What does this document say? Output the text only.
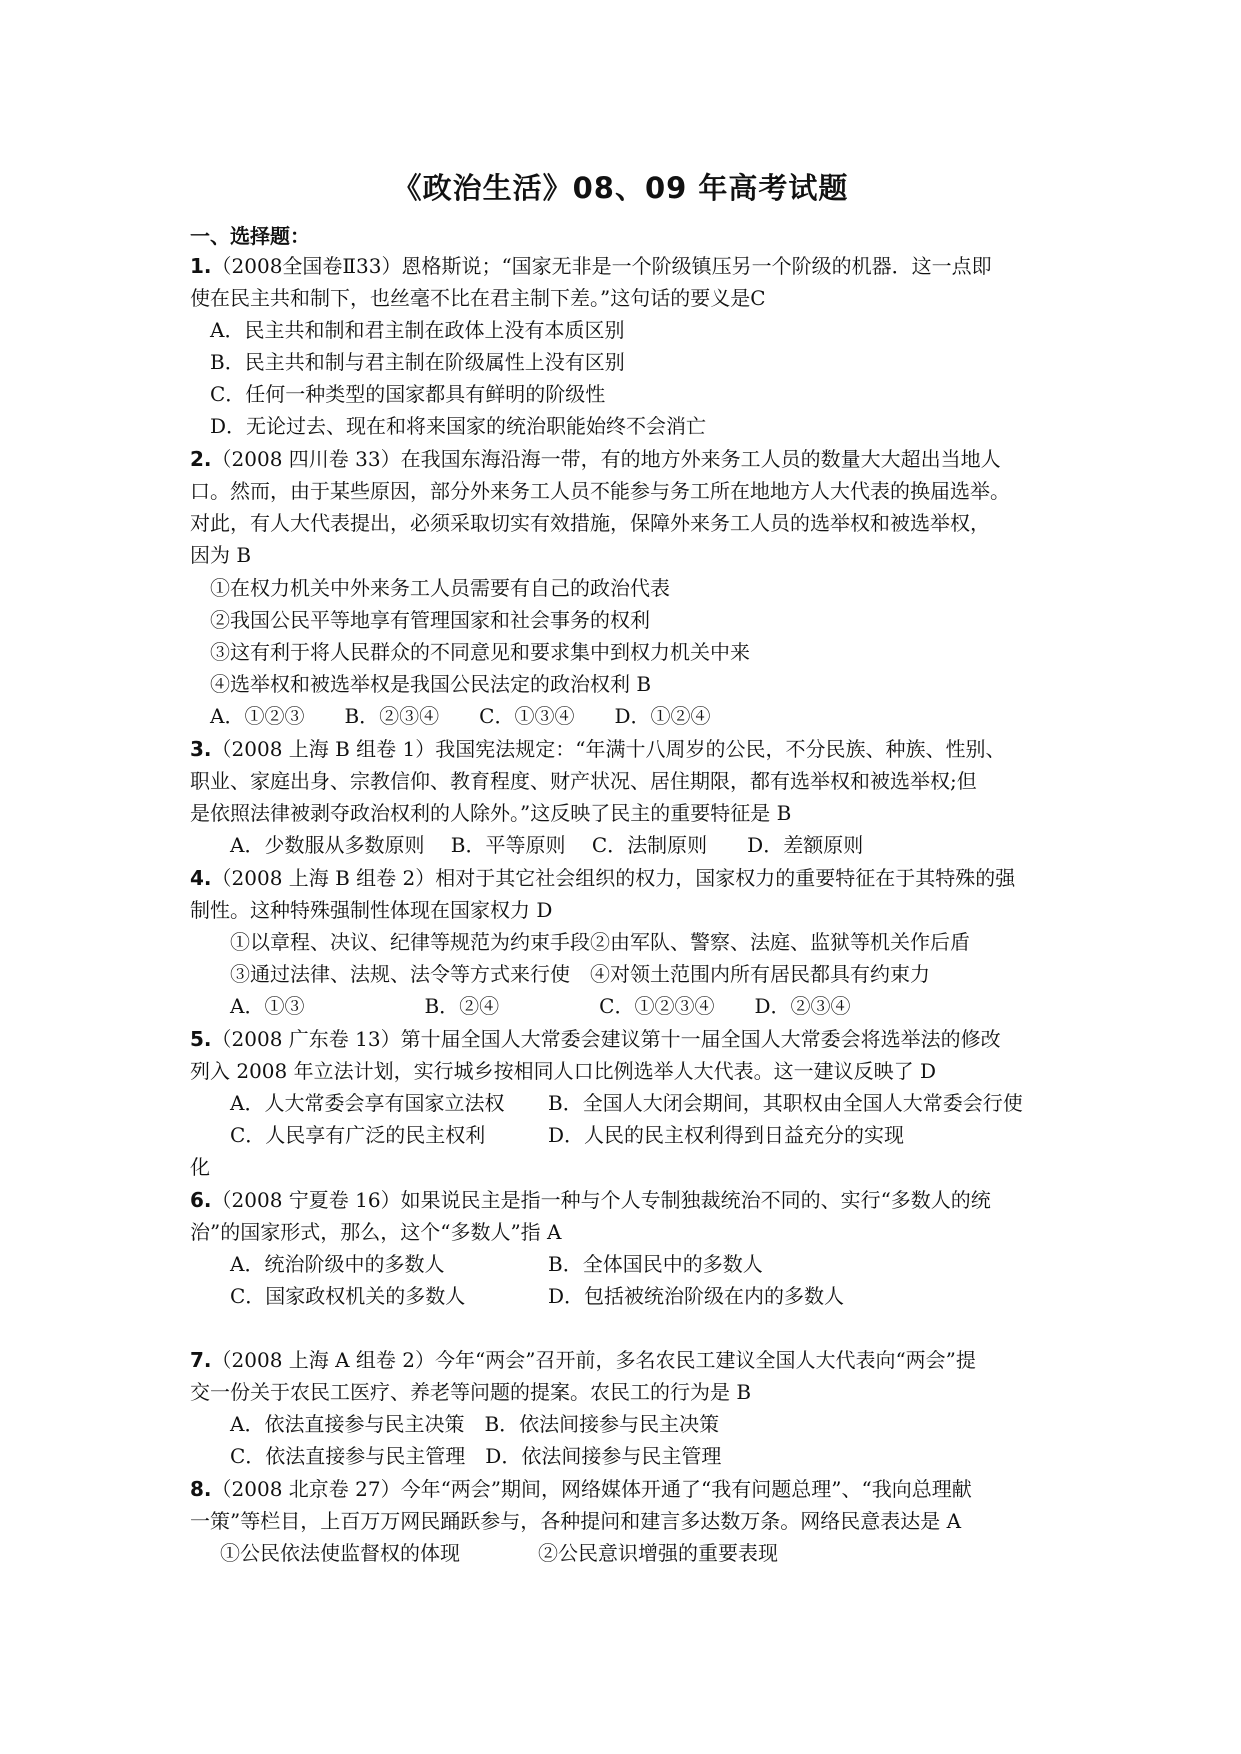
《政治生活》08、09 年高考试题
一、选择题：
1.（2008全国卷Ⅱ33）恩格斯说；“国家无非是一个阶级镇压另一个阶级的机器．这一点即
使在民主共和制下，也丝毫不比在君主制下差。”这句话的要义是C
A．民主共和制和君主制在政体上没有本质区别
B．民主共和制与君主制在阶级属性上没有区别
C．任何一种类型的国家都具有鲜明的阶级性
D．无论过去、现在和将来国家的统治职能始终不会消亡
2.（2008 四川卷 33）在我国东海沿海一带，有的地方外来务工人员的数量大大超出当地人
口。然而，由于某些原因，部分外来务工人员不能参与务工所在地地方人大代表的换届选举。
对此，有人大代表提出，必须采取切实有效措施，保障外来务工人员的选举权和被选举权，
因为 B
①在权力机关中外来务工人员需要有自己的政治代表
②我国公民平等地享有管理国家和社会事务的权利
③这有利于将人民群众的不同意见和要求集中到权力机关中来
④选举权和被选举权是我国公民法定的政治权利 B
A．①②③　　B．②③④　　C．①③④　　D．①②④
3.（2008 上海 B 组卷 1）我国宪法规定：“年满十八周岁的公民，不分民族、种族、性别、
职业、家庭出身、宗教信仰、教育程度、财产状况、居住期限，都有选举权和被选举权;但
是依照法律被剥夺政治权利的人除外。”这反映了民主的重要特征是 B
A．少数服从多数原则　 B．平等原则　 C．法制原则　　D．差额原则
4.（2008 上海 B 组卷 2）相对于其它社会组织的权力，国家权力的重要特征在于其特殊的强
制性。这种特殊强制性体现在国家权力 D
①以章程、决议、纪律等规范为约束手段②由军队、警察、法庭、监狱等机关作后盾
③通过法律、法规、法令等方式来行使　④对领土范围内所有居民都具有约束力
A．①③　　　　　　B．②④　　　　　C．①②③④　　D．②③④
5.（2008 广东卷 13）第十届全国人大常委会建议第十一届全国人大常委会将选举法的修改
列入 2008 年立法计划，实行城乡按相同人口比例选举人大代表。这一建议反映了 D
A．人大常委会享有国家立法权 B．全国人大闭会期间，其职权由全国人大常委会行使
C．人民享有广泛的民主权利	D．人民的民主权利得到日益充分的实现
化
6.（2008 宁夏卷 16）如果说民主是指一种与个人专制独裁统治不同的、实行“多数人的统
治”的国家形式，那么，这个“多数人”指 A
A．统治阶级中的多数人	B．全体国民中的多数人
C．国家政权机关的多数人	D．包括被统治阶级在内的多数人
7.（2008 上海 A 组卷 2）今年“两会”召开前，多名农民工建议全国人大代表向“两会”提
交一份关于农民工医疗、养老等问题的提案。农民工的行为是 B
A．依法直接参与民主决策　B．依法间接参与民主决策
C．依法直接参与民主管理　D．依法间接参与民主管理
8.（2008 北京卷 27）今年“两会”期间，网络媒体开通了“我有问题总理”、“我向总理献
一策”等栏目，上百万万网民踊跃参与，各种提问和建言多达数万条。网络民意表达是 A
①公民依法使监督权的体现	②公民意识增强的重要表现
